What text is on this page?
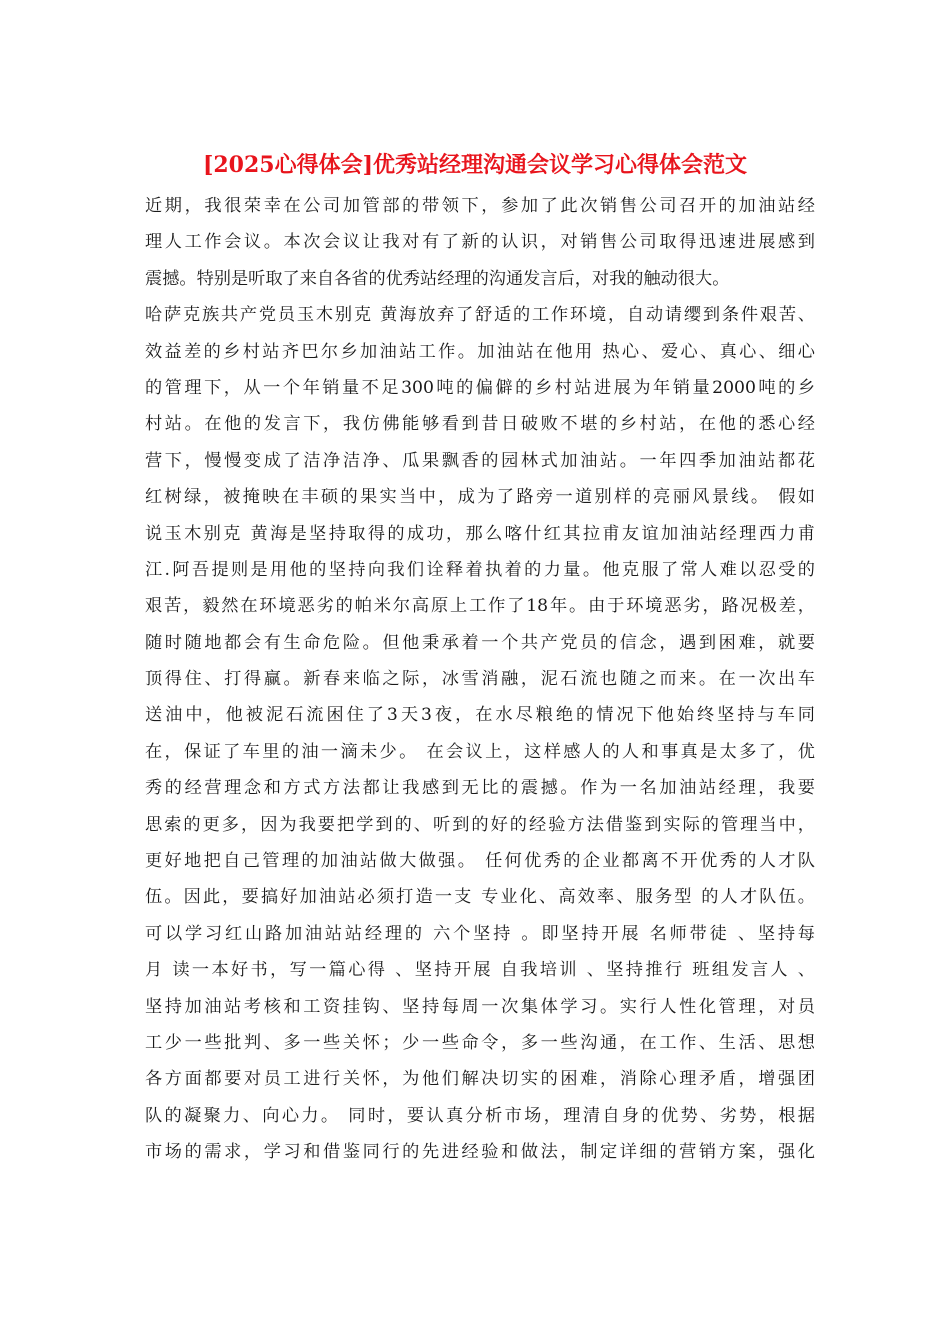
[2025心得体会]优秀站经理沟通会议学习心得体会范文
近期，我很荣幸在公司加管部的带领下，参加了此次销售公司召开的加油站经
理人工作会议。本次会议让我对有了新的认识，对销售公司取得迅速进展感到
震撼。特别是听取了来自各省的优秀站经理的沟通发言后，对我的触动很大。
哈萨克族共产党员玉木别克 黄海放弃了舒适的工作环境，自动请缨到条件艰苦、
效益差的乡村站齐巴尔乡加油站工作。加油站在他用 热心、爱心、真心、细心
的管理下，从一个年销量不足300吨的偏僻的乡村站进展为年销量2000吨的乡
村站。在他的发言下，我仿佛能够看到昔日破败不堪的乡村站，在他的悉心经
营下，慢慢变成了洁净洁净、瓜果飘香的园林式加油站。一年四季加油站都花
红树绿，被掩映在丰硕的果实当中，成为了路旁一道别样的亮丽风景线。 假如
说玉木别克 黄海是坚持取得的成功，那么喀什红其拉甫友谊加油站经理西力甫
江.阿吾提则是用他的坚持向我们诠释着执着的力量。他克服了常人难以忍受的
艰苦，毅然在环境恶劣的帕米尔高原上工作了18年。由于环境恶劣，路况极差，
随时随地都会有生命危险。但他秉承着一个共产党员的信念，遇到困难，就要
顶得住、打得赢。新春来临之际，冰雪消融，泥石流也随之而来。在一次出车
送油中，他被泥石流困住了3天3夜，在水尽粮绝的情况下他始终坚持与车同
在，保证了车里的油一滴未少。 在会议上，这样感人的人和事真是太多了，优
秀的经营理念和方式方法都让我感到无比的震撼。作为一名加油站经理，我要
思索的更多，因为我要把学到的、听到的好的经验方法借鉴到实际的管理当中，
更好地把自己管理的加油站做大做强。 任何优秀的企业都离不开优秀的人才队
伍。因此，要搞好加油站必须打造一支 专业化、高效率、服务型 的人才队伍。
可以学习红山路加油站站经理的 六个坚持 。即坚持开展 名师带徒 、坚持每
月 读一本好书，写一篇心得 、坚持开展 自我培训 、坚持推行 班组发言人 、
坚持加油站考核和工资挂钩、坚持每周一次集体学习。实行人性化管理，对员
工少一些批判、多一些关怀；少一些命令，多一些沟通，在工作、生活、思想
各方面都要对员工进行关怀，为他们解决切实的困难，消除心理矛盾，增强团
队的凝聚力、向心力。 同时，要认真分析市场，理清自身的优势、劣势，根据
市场的需求，学习和借鉴同行的先进经验和做法，制定详细的营销方案，强化
